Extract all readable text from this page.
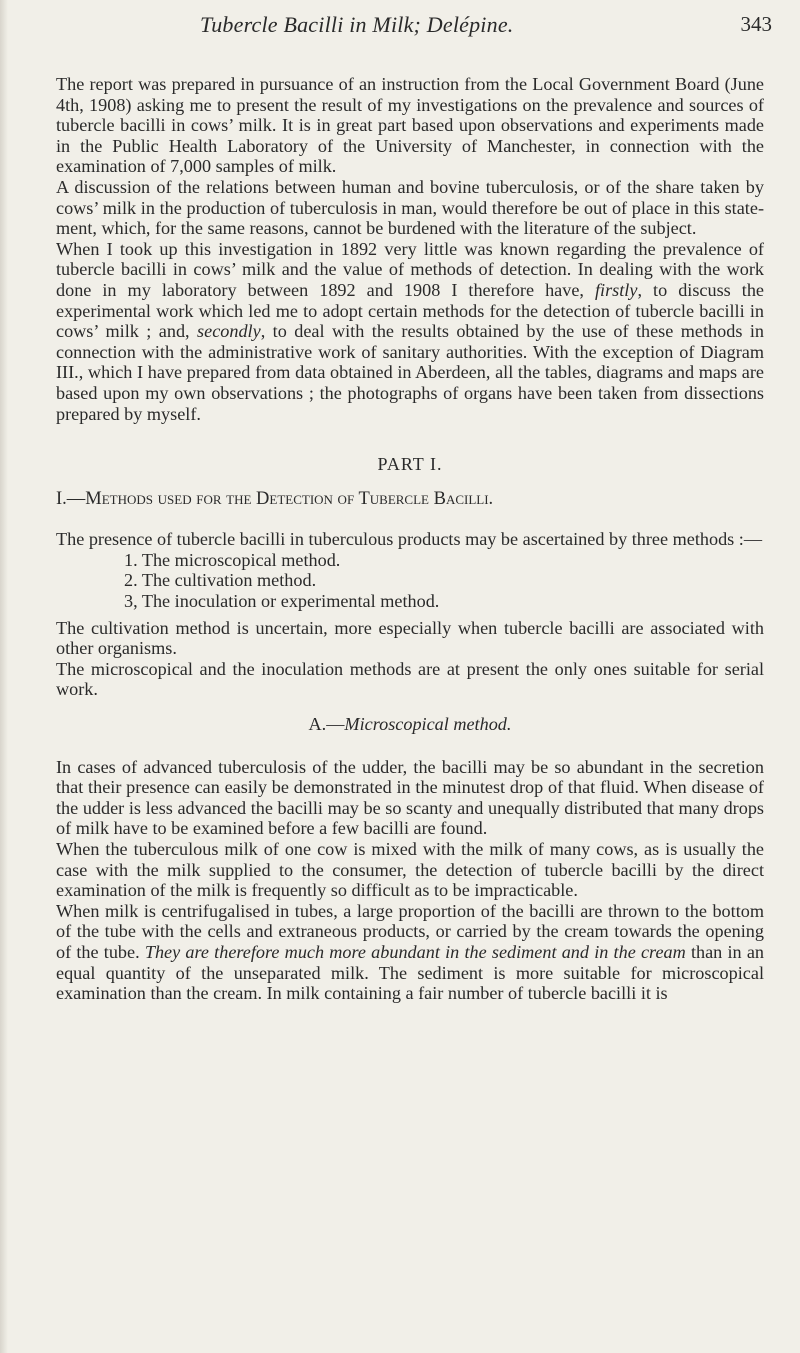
Tubercle Bacilli in Milk; Delépine.	343

The report was prepared in pursuance of an instruction from the Local Government Board (June 4th, 1908) asking me to present the result of my investigations on the prevalence and sources of tubercle bacilli in cows’ milk. It is in great part based upon observations and experiments made in the Public Health Laboratory of the University of Manchester, in connection with the examination of 7,000 samples of milk.

A discussion of the relations between human and bovine tuberculosis, or of the share taken by cows’ milk in the production of tuberculosis in man, would therefore be out of place in this statement, which, for the same reasons, cannot be burdened with the literature of the subject.

When I took up this investigation in 1892 very little was known regarding the prevalence of tubercle bacilli in cows’ milk and the value of methods of detection. In dealing with the work done in my laboratory between 1892 and 1908 I therefore have, firstly, to discuss the experimental work which led me to adopt certain methods for the detection of tubercle bacilli in cows’ milk ; and, secondly, to deal with the results obtained by the use of these methods in connection with the administrative work of sanitary authorities. With the exception of Diagram III., which I have prepared from data obtained in Aberdeen, all the tables, diagrams and maps are based upon my own observations ; the photographs of organs have been taken from dissections prepared by myself.

PART I.
I.—Methods used for the Detection of Tubercle Bacilli.

The presence of tubercle bacilli in tuberculous products may be ascertained by three methods :—

1. The microscopical method.
2. The cultivation method.
3, The inoculation or experimental method.

The cultivation method is uncertain, more especially when tubercle bacilli are associated with other organisms.

The microscopical and the inoculation methods are at present the only ones suitable for serial work.

A.—Microscopical method.

In cases of advanced tuberculosis of the udder, the bacilli may be so abundant in the secretion that their presence can easily be demonstrated in the minutest drop of that fluid. When disease of the udder is less advanced the bacilli may be so scanty and unequally distributed that many drops of milk have to be examined before a few bacilli are found.

When the tuberculous milk of one cow is mixed with the milk of many cows, as is usually the case with the milk supplied to the consumer, the detection of tubercle bacilli by the direct examination of the milk is frequently so difficult as to be impracticable.

When milk is centrifugalised in tubes, a large proportion of the bacilli are thrown to the bottom of the tube with the cells and extraneous products, or carried by the cream towards the opening of the tube. They are therefore much more abundant in the sediment and in the cream than in an equal quantity of the unseparated milk. The sediment is more suitable for microscopical examination than the cream. In milk containing a fair number of tubercle bacilli it is
